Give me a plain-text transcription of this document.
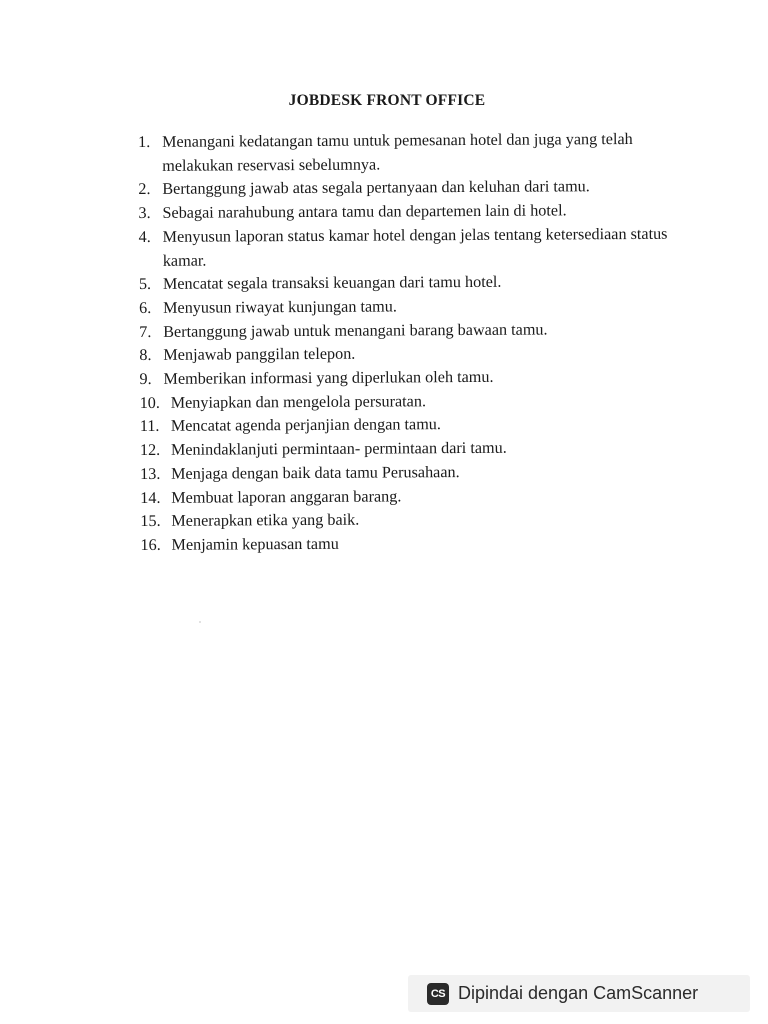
JOBDESK FRONT OFFICE
1. Menangani kedatangan tamu untuk pemesanan hotel dan juga yang telah melakukan reservasi sebelumnya.
2. Bertanggung jawab atas segala pertanyaan dan keluhan dari tamu.
3. Sebagai narahubung antara tamu dan departemen lain di hotel.
4. Menyusun laporan status kamar hotel dengan jelas tentang ketersediaan status kamar.
5. Mencatat segala transaksi keuangan dari tamu hotel.
6. Menyusun riwayat kunjungan tamu.
7. Bertanggung jawab untuk menangani barang bawaan tamu.
8. Menjawab panggilan telepon.
9. Memberikan informasi yang diperlukan oleh tamu.
10. Menyiapkan dan mengelola persuratan.
11. Mencatat agenda perjanjian dengan tamu.
12. Menindaklanjuti permintaan- permintaan dari tamu.
13. Menjaga dengan baik data tamu Perusahaan.
14. Membuat laporan anggaran barang.
15. Menerapkan etika yang baik.
16. Menjamin kepuasan tamu
CS Dipindai dengan CamScanner
